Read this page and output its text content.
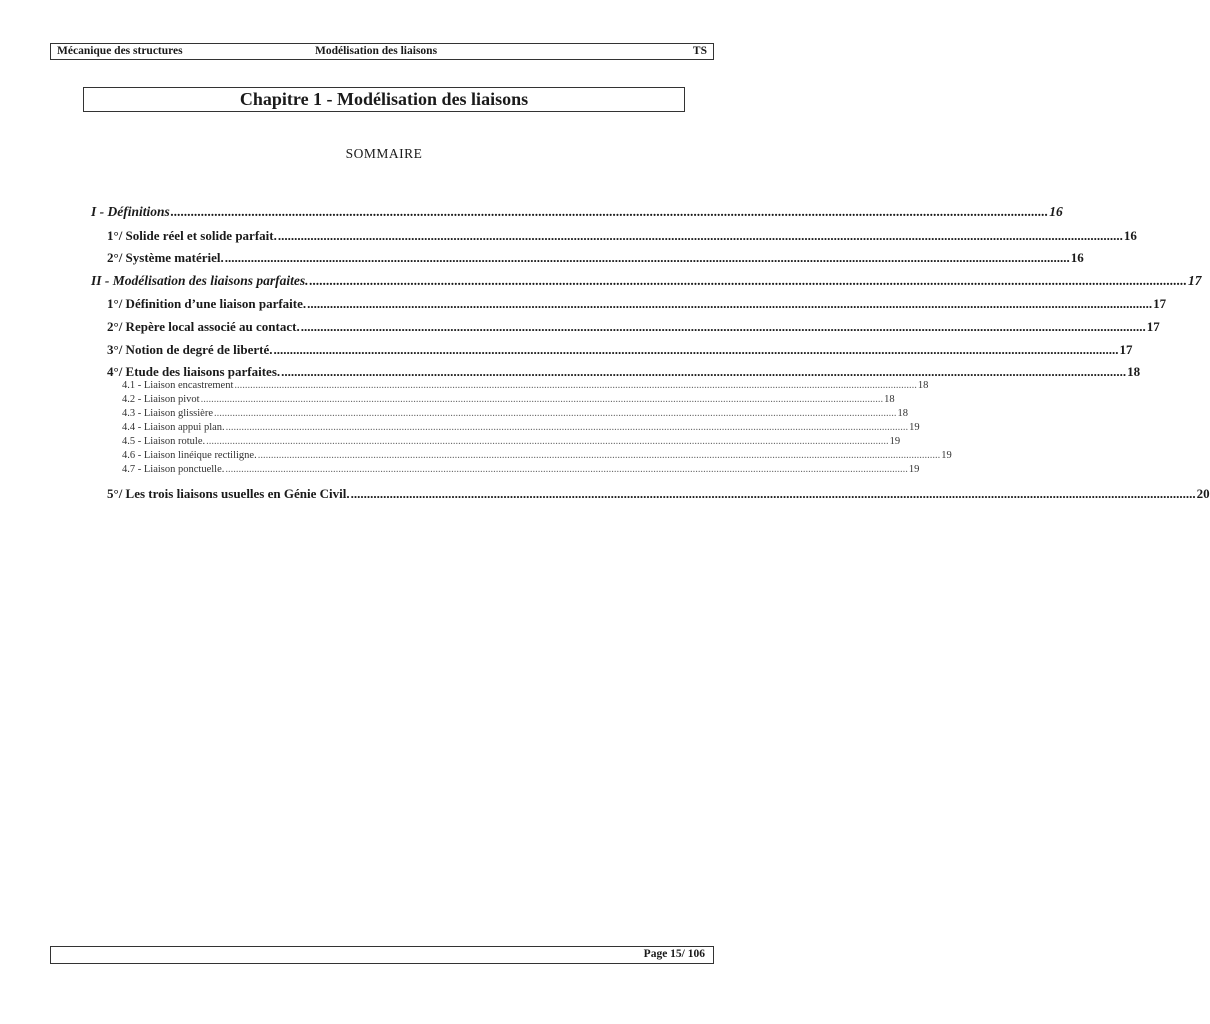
Mécanique des structures	Modélisation des liaisons	TS
Chapitre 1 - Modélisation des liaisons
SOMMAIRE
I - Définitions .................................................................................................................................................................................................................................................................... 16
1°/ Solide réel et solide parfait. .................................................................................................................................................................................................................................................................... 16
2°/ Système matériel. .................................................................................................................................................................................................................................................................... 16
II - Modélisation des liaisons parfaites. .................................................................................................................................................................................................................................................................... 17
1°/ Définition d’une liaison parfaite. .................................................................................................................................................................................................................................................................... 17
2°/ Repère local associé au contact. .................................................................................................................................................................................................................................................................... 17
3°/ Notion de degré de liberté. .................................................................................................................................................................................................................................................................... 17
4°/ Etude des liaisons parfaites. .................................................................................................................................................................................................................................................................... 18
4.1 - Liaison encastrement .................................................................................................................................................................................................................................................................... 18
4.2 - Liaison pivot .................................................................................................................................................................................................................................................................... 18
4.3 - Liaison glissière .................................................................................................................................................................................................................................................................... 18
4.4 - Liaison appui plan. .................................................................................................................................................................................................................................................................... 19
4.5 - Liaison rotule. .................................................................................................................................................................................................................................................................... 19
4.6 - Liaison linéique rectiligne. .................................................................................................................................................................................................................................................................... 19
4.7 - Liaison ponctuelle. .................................................................................................................................................................................................................................................................... 19
5°/ Les trois liaisons usuelles en Génie Civil. .................................................................................................................................................................................................................................................................... 20
Page 15/ 106
